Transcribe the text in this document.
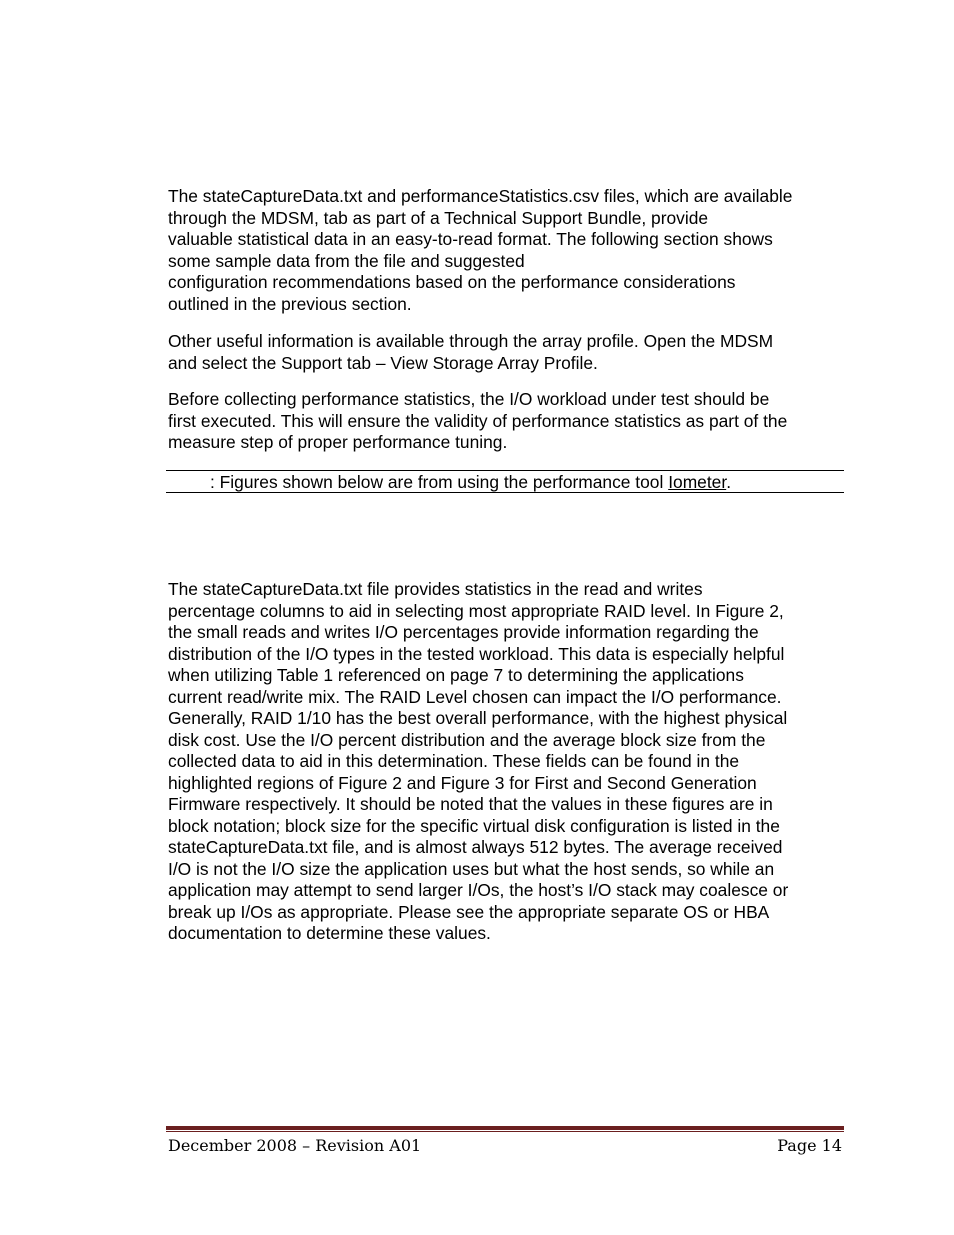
The stateCaptureData.txt and performanceStatistics.csv files, which are available
through the MDSM, tab as part of a Technical Support Bundle, provide
valuable statistical data in an easy-to-read format. The following section shows
some sample data from the file and suggested
configuration recommendations based on the performance considerations
outlined in the previous section.

Other useful information is available through the array profile. Open the MDSM
and select the Support tab – View Storage Array Profile.

Before collecting performance statistics, the I/O workload under test should be
first executed. This will ensure the validity of performance statistics as part of the
measure step of proper performance tuning.

: Figures shown below are from using the performance tool Iometer.

The stateCaptureData.txt file provides statistics in the read and writes
percentage columns to aid in selecting most appropriate RAID level. In Figure 2,
the small reads and writes I/O percentages provide information regarding the
distribution of the I/O types in the tested workload. This data is especially helpful
when utilizing Table 1 referenced on page 7 to determining the applications
current read/write mix. The RAID Level chosen can impact the I/O performance.
Generally, RAID 1/10 has the best overall performance, with the highest physical
disk cost. Use the I/O percent distribution and the average block size from the
collected data to aid in this determination. These fields can be found in the
highlighted regions of Figure 2 and Figure 3 for First and Second Generation
Firmware respectively. It should be noted that the values in these figures are in
block notation; block size for the specific virtual disk configuration is listed in the
stateCaptureData.txt file, and is almost always 512 bytes. The average received
I/O is not the I/O size the application uses but what the host sends, so while an
application may attempt to send larger I/Os, the host’s I/O stack may coalesce or
break up I/Os as appropriate. Please see the appropriate separate OS or HBA
documentation to determine these values.

December 2008 – Revision A01	Page 14
